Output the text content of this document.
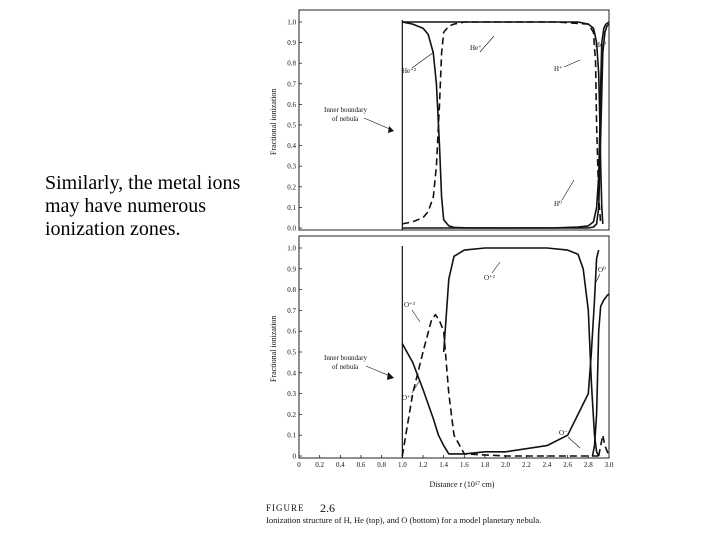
Similarly, the metal ions may have numerous ionization zones.

Fractional ionization
0.0
0.1
0.2
0.3
0.4
0.5
0.6
0.7
0.8
0.9
1.0
He⁺²
He⁺	He⁰
H⁺
H⁰
Inner boundary
of nebula
Fractional ionization
0
0.1
0.2
0.3
0.4
0.5
0.6
0.7
0.8
0.9
1.0
0 0.2 0.4 0.6 0.8 1.0 1.2 1.4 1.6 1.8 2.0 2.2 2.4 2.6 2.8 3.0
Distance r (10¹⁷ cm)
O⁺³
O⁺²
O⁺⁴
O⁰
O⁻
Inner boundary
of nebula
FIGURE 2.6
Ionization structure of H, He (top), and O (bottom) for a model planetary nebula.
